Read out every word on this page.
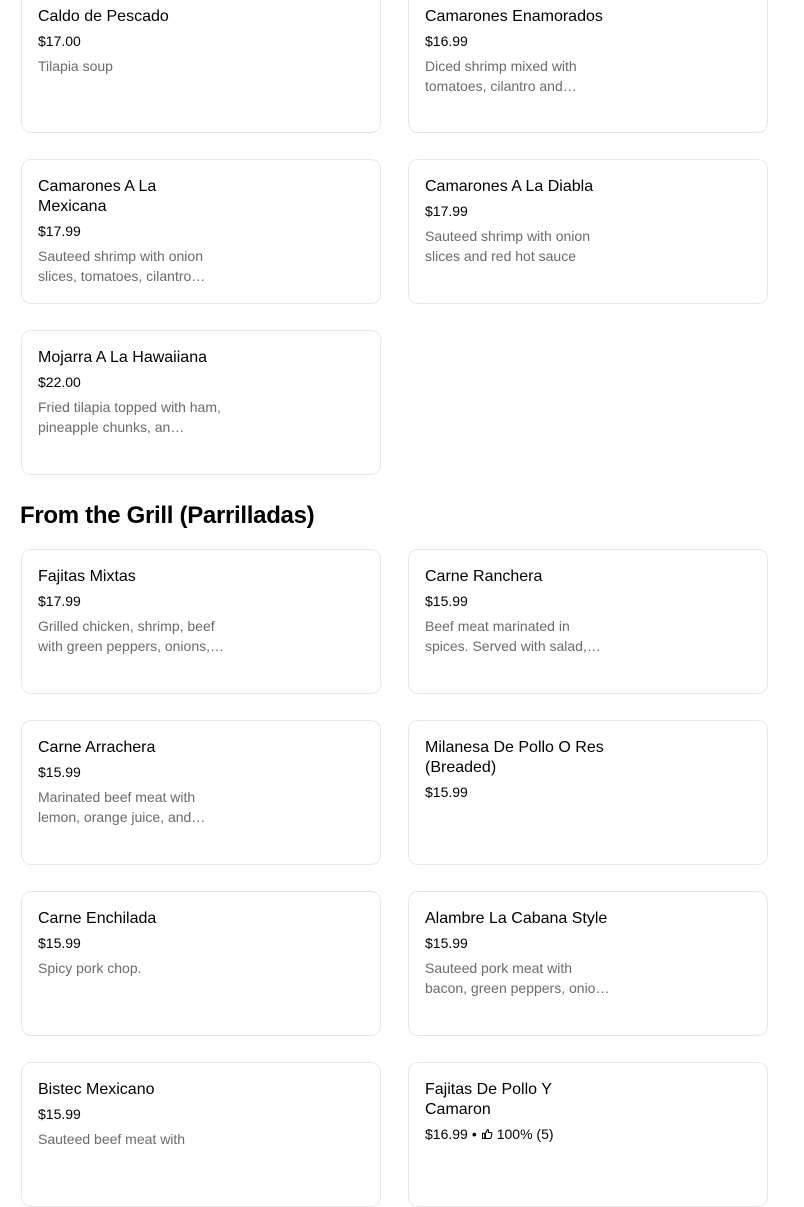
Caldo de Pescado
$17.00
Tilapia soup
Camarones Enamorados
$16.99
Diced shrimp mixed with tomatoes, cilantro and…
Camarones A La Mexicana
$17.99
Sauteed shrimp with onion slices, tomatoes, cilantro…
Camarones A La Diabla
$17.99
Sauteed shrimp with onion slices and red hot sauce
Mojarra A La Hawaiiana
$22.00
Fried tilapia topped with ham, pineapple chunks, an…
From the Grill (Parrilladas)
Fajitas Mixtas
$17.99
Grilled chicken, shrimp, beef with green peppers, onions,…
Carne Ranchera
$15.99
Beef meat marinated in spices. Served with salad,…
Carne Arrachera
$15.99
Marinated beef meat with lemon, orange juice, and…
Milanesa De Pollo O Res (Breaded)
$15.99
Carne Enchilada
$15.99
Spicy pork chop.
Alambre La Cabana Style
$15.99
Sauteed pork meat with bacon, green peppers, onio…
Bistec Mexicano
$15.99
Sauteed beef meat with
Fajitas De Pollo Y Camaron
$16.99 • 100% (5)
